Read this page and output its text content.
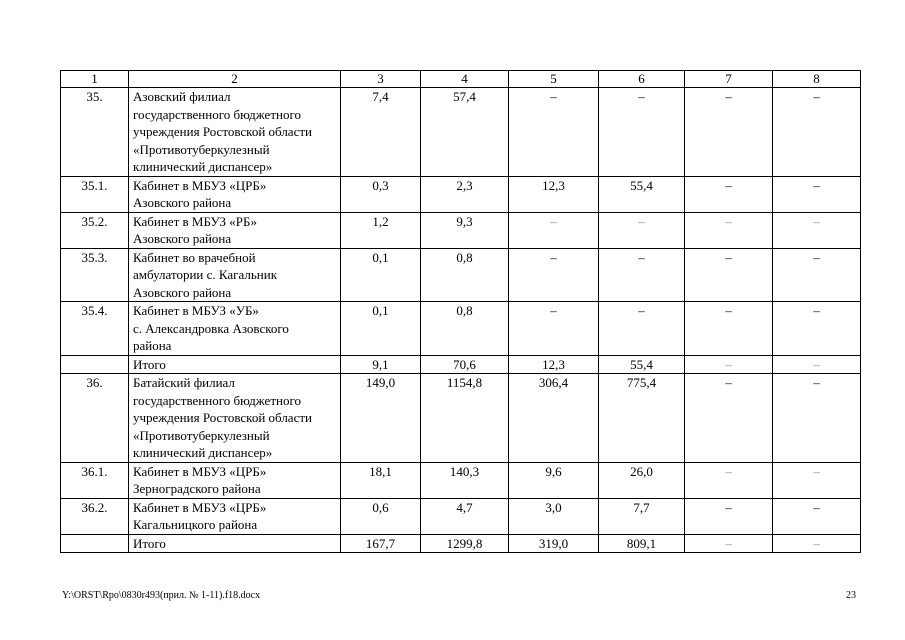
1	2	3	4	5	6	7	8
35.	Азовский филиал
государственного бюджетного
учреждения Ростовской области
«Противотуберкулезный
клинический диспансер»	7,4	57,4	–	–	–	–
35.1.	Кабинет в МБУЗ «ЦРБ»
Азовского района	0,3	2,3	12,3	55,4	–	–
35.2.	Кабинет в МБУЗ «РБ»
Азовского района	1,2	9,3	–	–	–	–
35.3.	Кабинет во врачебной
амбулатории с. Кагальник
Азовского района	0,1	0,8	–	–	–	–
35.4.	Кабинет в МБУЗ «УБ»
с. Александровка Азовского
района	0,1	0,8	–	–	–	–
	Итого	9,1	70,6	12,3	55,4	–	–
36.	Батайский филиал
государственного бюджетного
учреждения Ростовской области
«Противотуберкулезный
клинический диспансер»	149,0	1154,8	306,4	775,4	–	–
36.1.	Кабинет в МБУЗ «ЦРБ»
Зерноградского района	18,1	140,3	9,6	26,0	–	–
36.2.	Кабинет в МБУЗ «ЦРБ»
Кагальницкого района	0,6	4,7	3,0	7,7	–	–
	Итого	167,7	1299,8	319,0	809,1	–	–
Y:\ORST\Rpo\0830r493(прил. № 1-11).f18.docx	23
